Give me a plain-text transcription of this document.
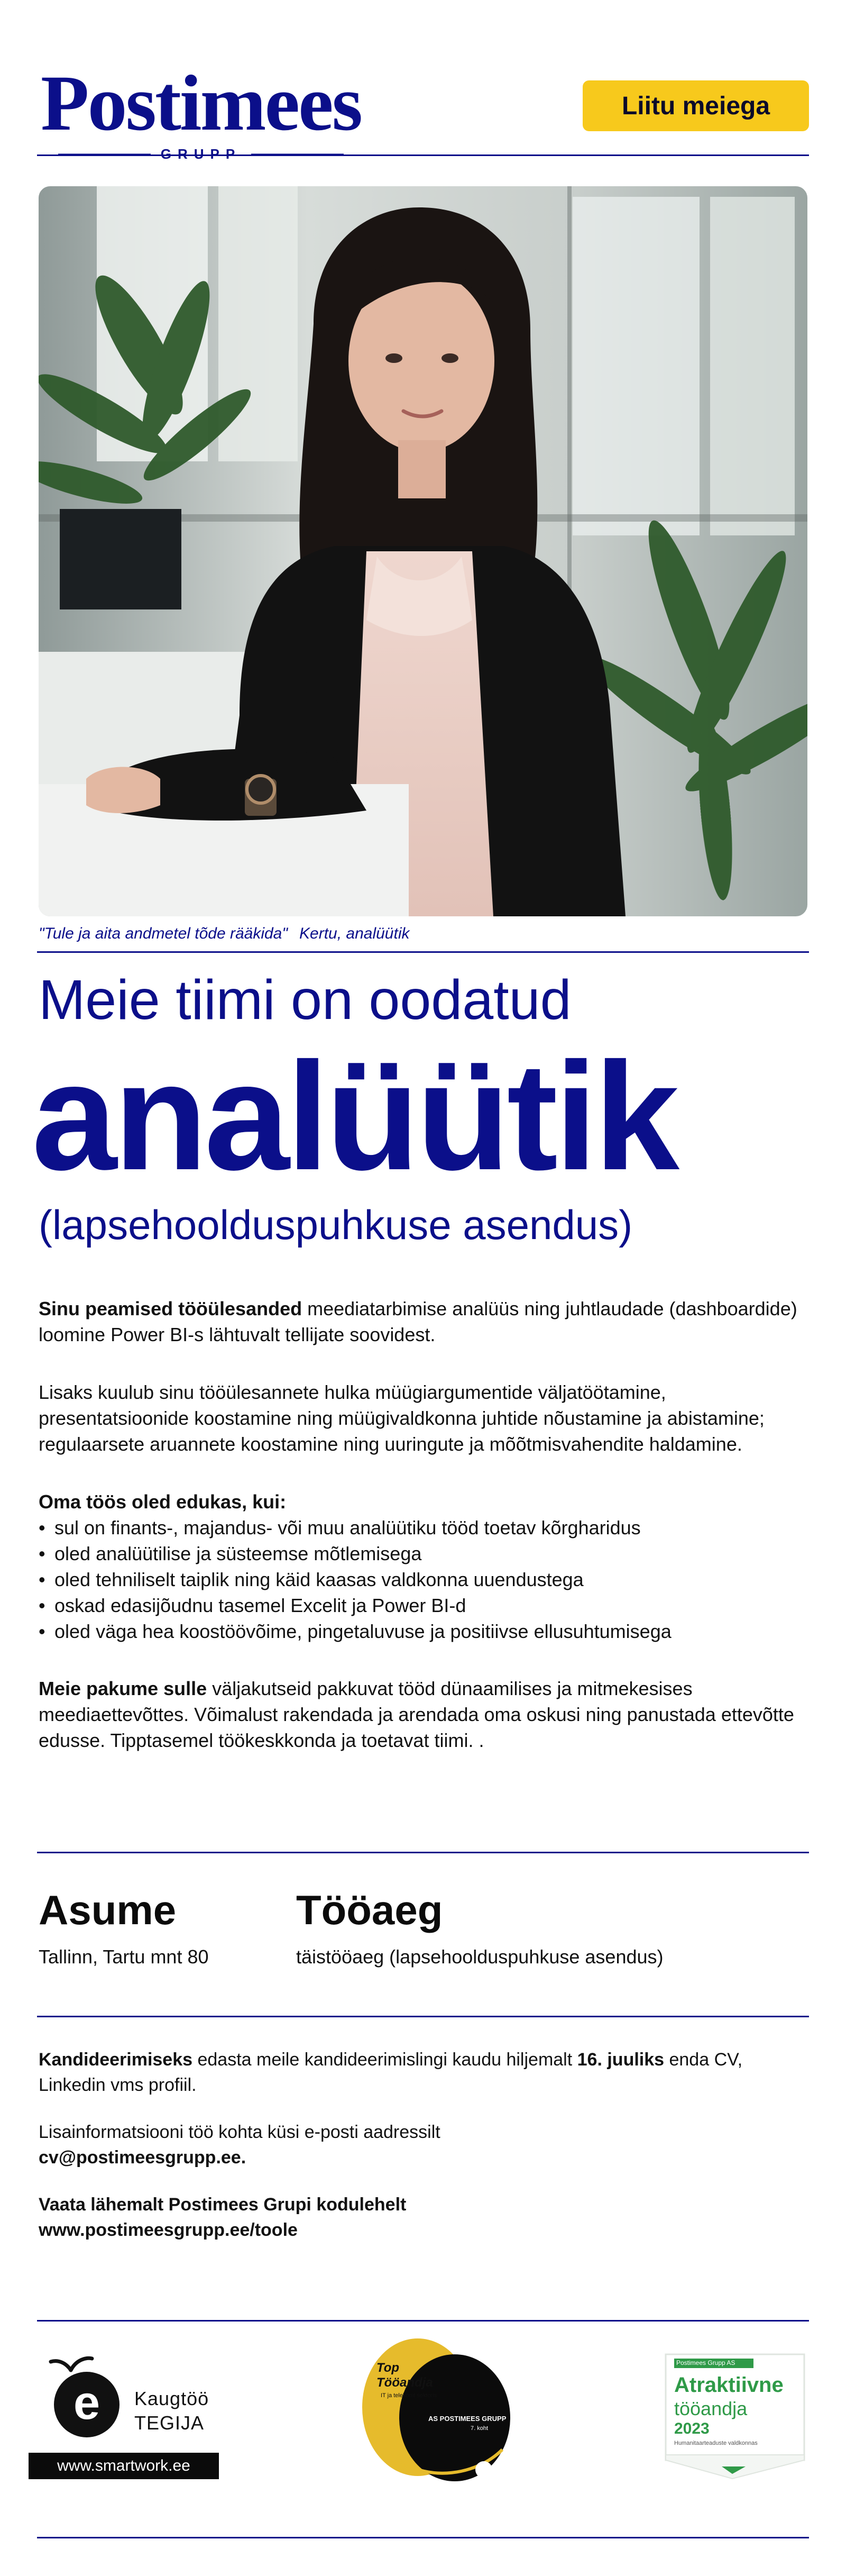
Postimees
GRUPP
Liitu meiega
"Tule ja aita andmetel tõde rääkida" Kertu, analüütik
Meie tiimi on oodatud
analüütik
(lapsehoolduspuhkuse asendus)

Sinu peamised tööülesanded meediatarbimise analüüs ning juhtlaudade (dashboardide) loomine Power BI-s lähtuvalt tellijate soovidest.

Lisaks kuulub sinu tööülesannete hulka müügiargumentide väljatöötamine, presentatsioonide koostamine ning müügivaldkonna juhtide nõustamine ja abistamine; regulaarsete aruannete koostamine ning uuringute ja mõõtmisvahendite haldamine.

Oma töös oled edukas, kui:
• sul on finants-, majandus- või muu analüütiku tööd toetav kõrgharidus
• oled analüütilise ja süsteemse mõtlemisega
• oled tehniliselt taiplik ning käid kaasas valdkonna uuendustega
• oskad edasijõudnu tasemel Excelit ja Power BI-d
• oled väga hea koostöövõime, pingetaluvuse ja positiivse ellusuhtumisega

Meie pakume sulle väljakutseid pakkuvat tööd dünaamilises ja mitmekesises meediaettevõttes. Võimalust rakendada ja arendada oma oskusi ning panustada ettevõtte edusse. Tipptasemel töökeskkonda ja toetavat tiimi. .

Asume
Tallinn, Tartu mnt 80
Tööaeg
täistööaeg (lapsehoolduspuhkuse asendus)

Kandideerimiseks edasta meile kandideerimislingi kaudu hiljemalt 16. juuliks enda CV, Linkedin vms profiil.

Lisainformatsiooni töö kohta küsi e-posti aadressilt
cv@postimeesgrupp.ee.

Vaata lähemalt Postimees Grupi kodulehelt
www.postimeesgrupp.ee/toole

e Kaugtöö
TEGIJA
www.smartwork.ee
Top
Tööandja
IT ja telekomi sektoris
AS POSTIMEES GRUPP
7. koht
Postimees Grupp AS
Atraktiivne
tööandja
2023
Humanitaarteaduste valdkonnas
